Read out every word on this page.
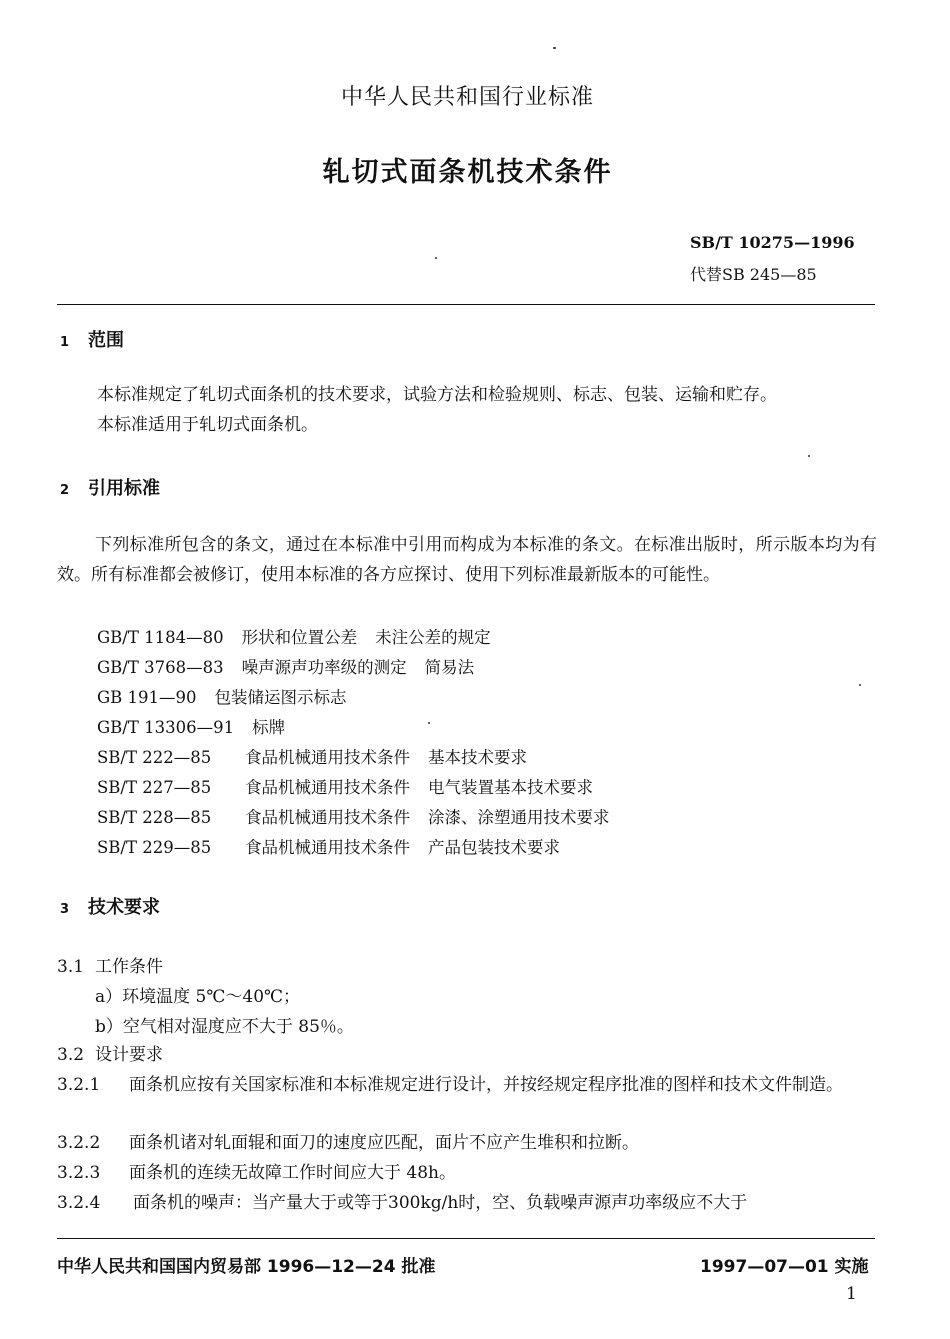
中华人民共和国行业标准
轧切式面条机技术条件
SB/T 10275—1996
代替SB 245—85
1 范围
本标准规定了轧切式面条机的技术要求，试验方法和检验规则、标志、包装、运输和贮存。
本标准适用于轧切式面条机。
2 引用标准
下列标准所包含的条文，通过在本标准中引用而构成为本标准的条文。在标准出版时，所示版本均为有效。所有标准都会被修订，使用本标准的各方应探讨、使用下列标准最新版本的可能性。
GB/T 1184—80 形状和位置公差 未注公差的规定
GB/T 3768—83 噪声源声功率级的测定 简易法
GB 191—90 包装储运图示标志
GB/T 13306—91 标牌
SB/T 222—85 食品机械通用技术条件 基本技术要求
SB/T 227—85 食品机械通用技术条件 电气装置基本技术要求
SB/T 228—85 食品机械通用技术条件 涂漆、涂塑通用技术要求
SB/T 229—85 食品机械通用技术条件 产品包装技术要求
3 技术要求
3.1 工作条件
a）环境温度 5℃～40℃；
b）空气相对湿度应不大于 85％。
3.2 设计要求
3.2.1 面条机应按有关国家标准和本标准规定进行设计，并按经规定程序批准的图样和技术文件制造。
3.2.2 面条机诸对轧面辊和面刀的速度应匹配，面片不应产生堆积和拉断。
3.2.3 面条机的连续无故障工作时间应大于 48h。
3.2.4 面条机的噪声：当产量大于或等于300kg/h时，空、负载噪声源声功率级应不大于
中华人民共和国国内贸易部 1996—12—24 批准	1997—07—01 实施
1
